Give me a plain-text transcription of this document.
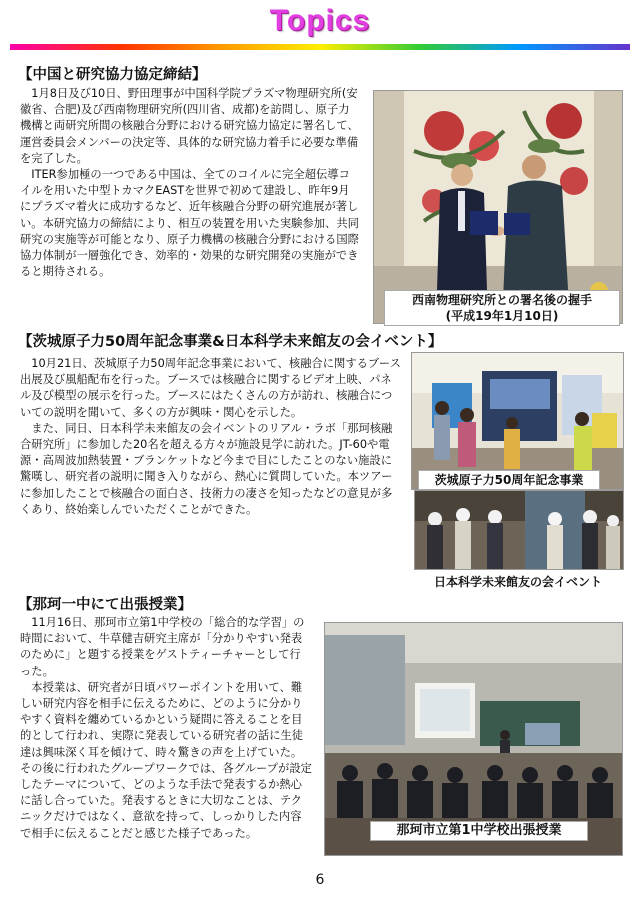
Topics
【中国と研究協力協定締結】

1月8日及び10日、野田理事が中国科学院プラズマ物理研究所(安徽省、合肥)及び西南物理研究所(四川省、成都)を訪問し、原子力機構と両研究所間の核融合分野における研究協力協定に署名して、運営委員会メンバーの決定等、具体的な研究協力着手に必要な準備を完了した。

ITER参加極の一つである中国は、全てのコイルに完全超伝導コイルを用いた中型トカマクEASTを世界で初めて建設し、昨年9月にプラズマ着火に成功するなど、近年核融合分野の研究進展が著しい。本研究協力の締結により、相互の装置を用いた実験参加、共同研究の実施等が可能となり、原子力機構の核融合分野における国際協力体制が一層強化でき、効率的・効果的な研究開発の実施ができると期待される。

西南物理研究所との署名後の握手
(平成19年1月10日)
【茨城原子力50周年記念事業&日本科学未来館友の会イベント】

10月21日、茨城原子力50周年記念事業において、核融合に関するブース出展及び風船配布を行った。ブースでは核融合に関するビデオ上映、パネル及び模型の展示を行った。ブースにはたくさんの方が訪れ、核融合についての説明を聞いて、多くの方が興味・関心を示した。

また、同日、日本科学未来館友の会イベントのリアル・ラボ「那珂核融合研究所」に参加した20名を超える方々が施設見学に訪れた。JT-60や電源・高周波加熱装置・ブランケットなど今まで目にしたことのない施設に驚嘆し、研究者の説明に聞き入りながら、熱心に質問していた。本ツアーに参加したことで核融合の面白さ、技術力の凄さを知ったなどの意見が多くあり、終始楽しんでいただくことができた。

茨城原子力50周年記念事業
日本科学未来館友の会イベント
【那珂一中にて出張授業】

11月16日、那珂市立第1中学校の「総合的な学習」の時間において、牛草健吉研究主席が「分かりやすい発表のために」と題する授業をゲストティーチャーとして行った。

本授業は、研究者が日頃パワーポイントを用いて、難しい研究内容を相手に伝えるために、どのように分かりやすく資料を纏めているかという疑問に答えることを目的として行われ、実際に発表している研究者の話に生徒達は興味深く耳を傾けて、時々驚きの声を上げていた。その後に行われたグループワークでは、各グループが設定したテーマについて、どのような手法で発表するか熱心に話し合っていた。発表するときに大切なことは、テクニックだけではなく、意欲を持って、しっかりした内容で相手に伝えることだと感じた様子であった。	那珂市立第1中学校出張授業
6
